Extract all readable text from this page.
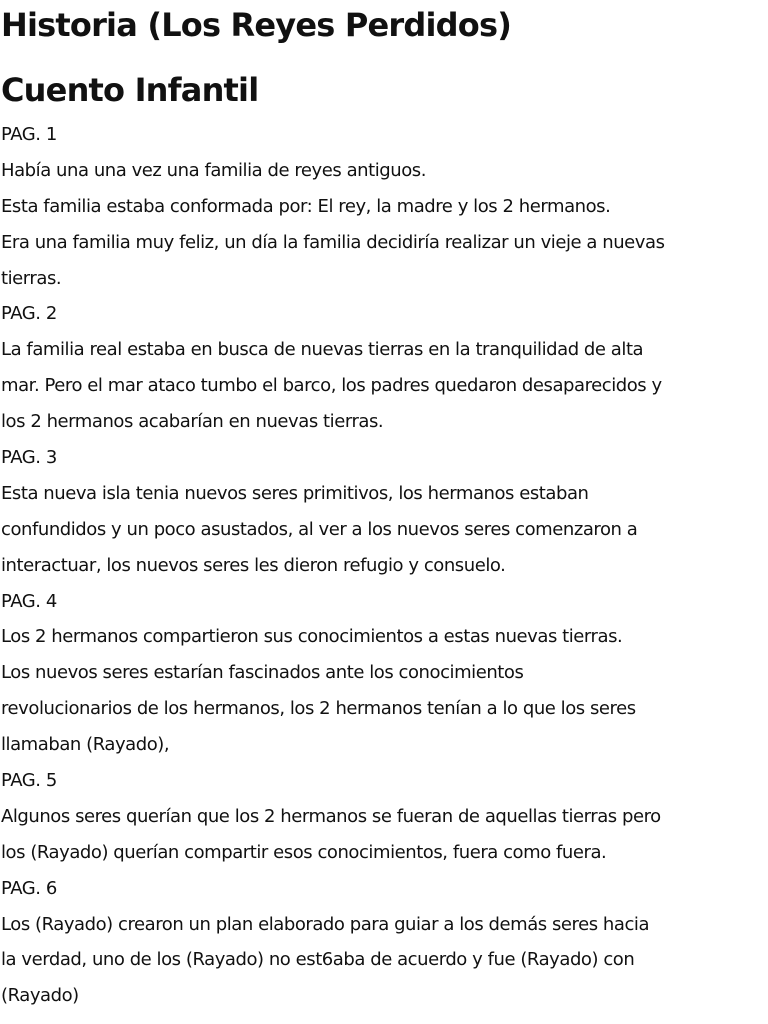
Historia (Los Reyes Perdidos)
Cuento Infantil
PAG. 1
Había una una vez una familia de reyes antiguos.
Esta familia estaba conformada por: El rey, la madre y los 2 hermanos.
Era una familia muy feliz, un día la familia decidiría realizar un vieje a nuevas
tierras.
PAG. 2
La familia real estaba en busca de nuevas tierras en la tranquilidad de alta
mar. Pero el mar ataco tumbo el barco, los padres quedaron desaparecidos y
los 2 hermanos acabarían en nuevas tierras.
PAG. 3
Esta nueva isla tenia nuevos seres primitivos, los hermanos estaban
confundidos y un poco asustados, al ver a los nuevos seres comenzaron a
interactuar, los nuevos seres les dieron refugio y consuelo.
PAG. 4
Los 2 hermanos compartieron sus conocimientos a estas nuevas tierras.
Los nuevos seres estarían fascinados ante los conocimientos
revolucionarios de los hermanos, los 2 hermanos tenían a lo que los seres
llamaban (Rayado),
PAG. 5
Algunos seres querían que los 2 hermanos se fueran de aquellas tierras pero
los (Rayado) querían compartir esos conocimientos, fuera como fuera.
PAG. 6
Los (Rayado) crearon un plan elaborado para guiar a los demás seres hacia
la verdad, uno de los (Rayado) no est6aba de acuerdo y fue (Rayado) con
(Rayado)
